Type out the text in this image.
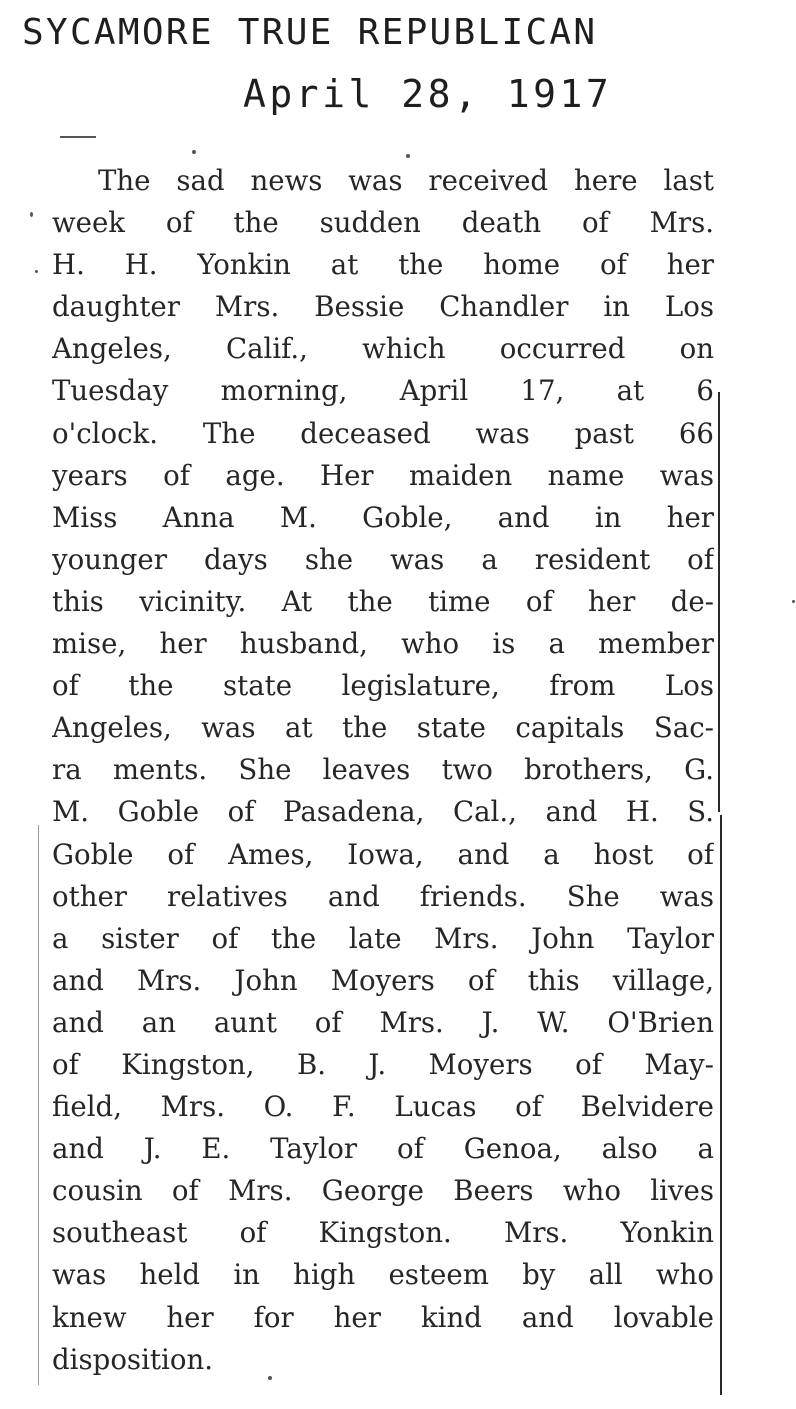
SYCAMORE TRUE REPUBLICAN
April 28, 1917
The sad news was received here last
week of the sudden death of Mrs.
H. H. Yonkin at the home of her
daughter Mrs. Bessie Chandler in Los
Angeles, Calif., which occurred on
Tuesday morning, April 17, at 6
o'clock. The deceased was past 66
years of age. Her maiden name was
Miss Anna M. Goble, and in her
younger days she was a resident of
this vicinity. At the time of her de-
mise, her husband, who is a member
of the state legislature, from Los
Angeles, was at the state capitals Sac-
ra ments. She leaves two brothers, G.
M. Goble of Pasadena, Cal., and H. S.
Goble of Ames, Iowa, and a host of
other relatives and friends. She was
a sister of the late Mrs. John Taylor
and Mrs. John Moyers of this village,
and an aunt of Mrs. J. W. O'Brien
of Kingston, B. J. Moyers of May-
field, Mrs. O. F. Lucas of Belvidere
and J. E. Taylor of Genoa, also a
cousin of Mrs. George Beers who lives
southeast of Kingston. Mrs. Yonkin
was held in high esteem by all who
knew her for her kind and lovable
disposition.
